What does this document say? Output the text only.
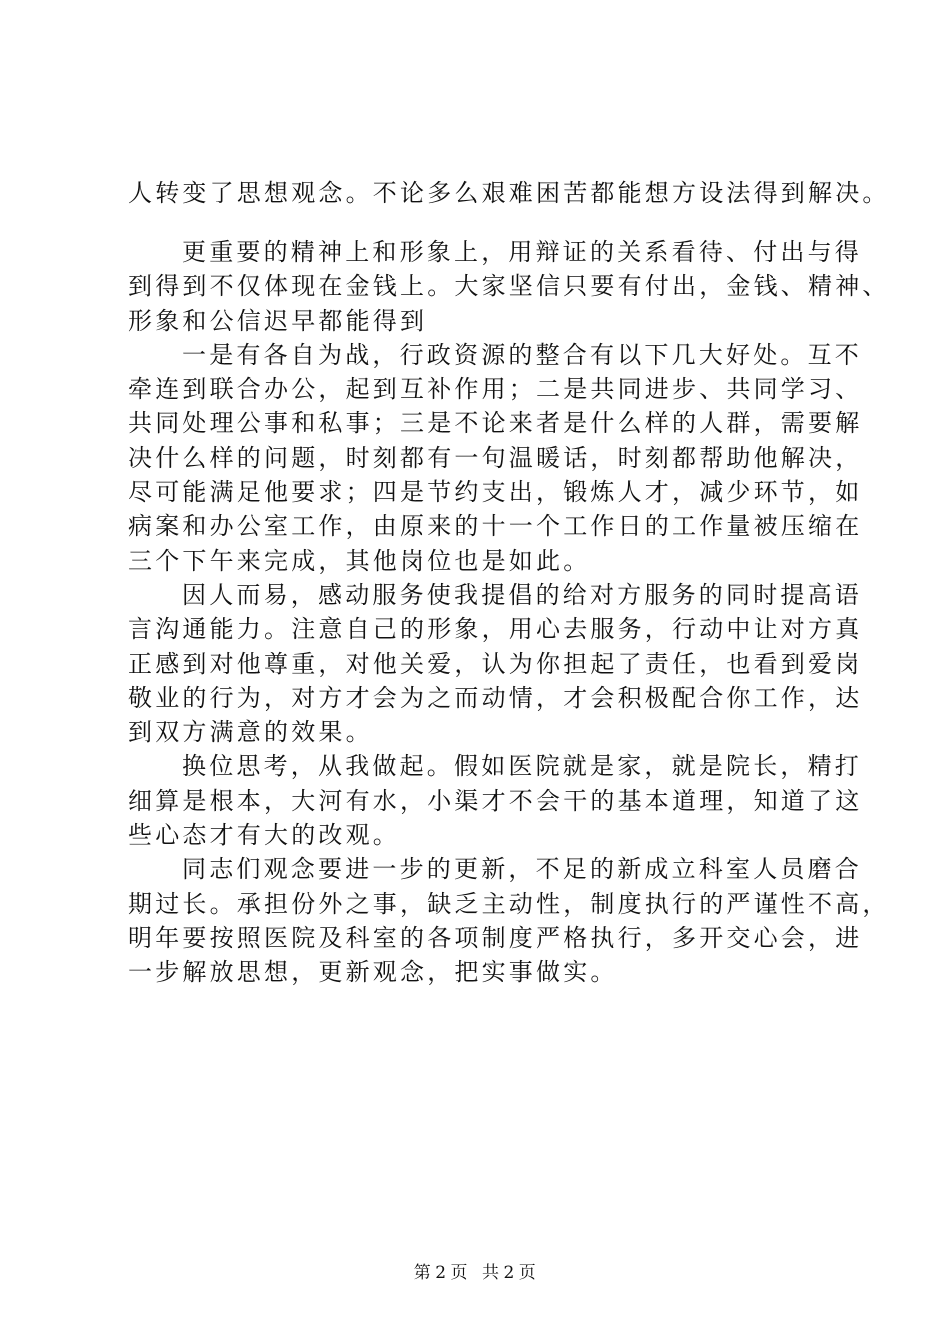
人转变了思想观念。不论多么艰难困苦都能想方设法得到解决。
更重要的精神上和形象上，用辩证的关系看待、付出与得
到得到不仅体现在金钱上。大家坚信只要有付出，金钱、精神、
形象和公信迟早都能得到
一是有各自为战，行政资源的整合有以下几大好处。互不
牵连到联合办公，起到互补作用；二是共同进步、共同学习、
共同处理公事和私事；三是不论来者是什么样的人群，需要解
决什么样的问题，时刻都有一句温暖话，时刻都帮助他解决，
尽可能满足他要求；四是节约支出，锻炼人才，减少环节，如
病案和办公室工作，由原来的十一个工作日的工作量被压缩在
三个下午来完成，其他岗位也是如此。
因人而易，感动服务使我提倡的给对方服务的同时提高语
言沟通能力。注意自己的形象，用心去服务，行动中让对方真
正感到对他尊重，对他关爱，认为你担起了责任，也看到爱岗
敬业的行为，对方才会为之而动情，才会积极配合你工作，达
到双方满意的效果。
换位思考，从我做起。假如医院就是家，就是院长，精打
细算是根本，大河有水，小渠才不会干的基本道理，知道了这
些心态才有大的改观。
同志们观念要进一步的更新，不足的新成立科室人员磨合
期过长。承担份外之事，缺乏主动性，制度执行的严谨性不高，
明年要按照医院及科室的各项制度严格执行，多开交心会，进
一步解放思想，更新观念，把实事做实。
第 2 页 共 2 页
